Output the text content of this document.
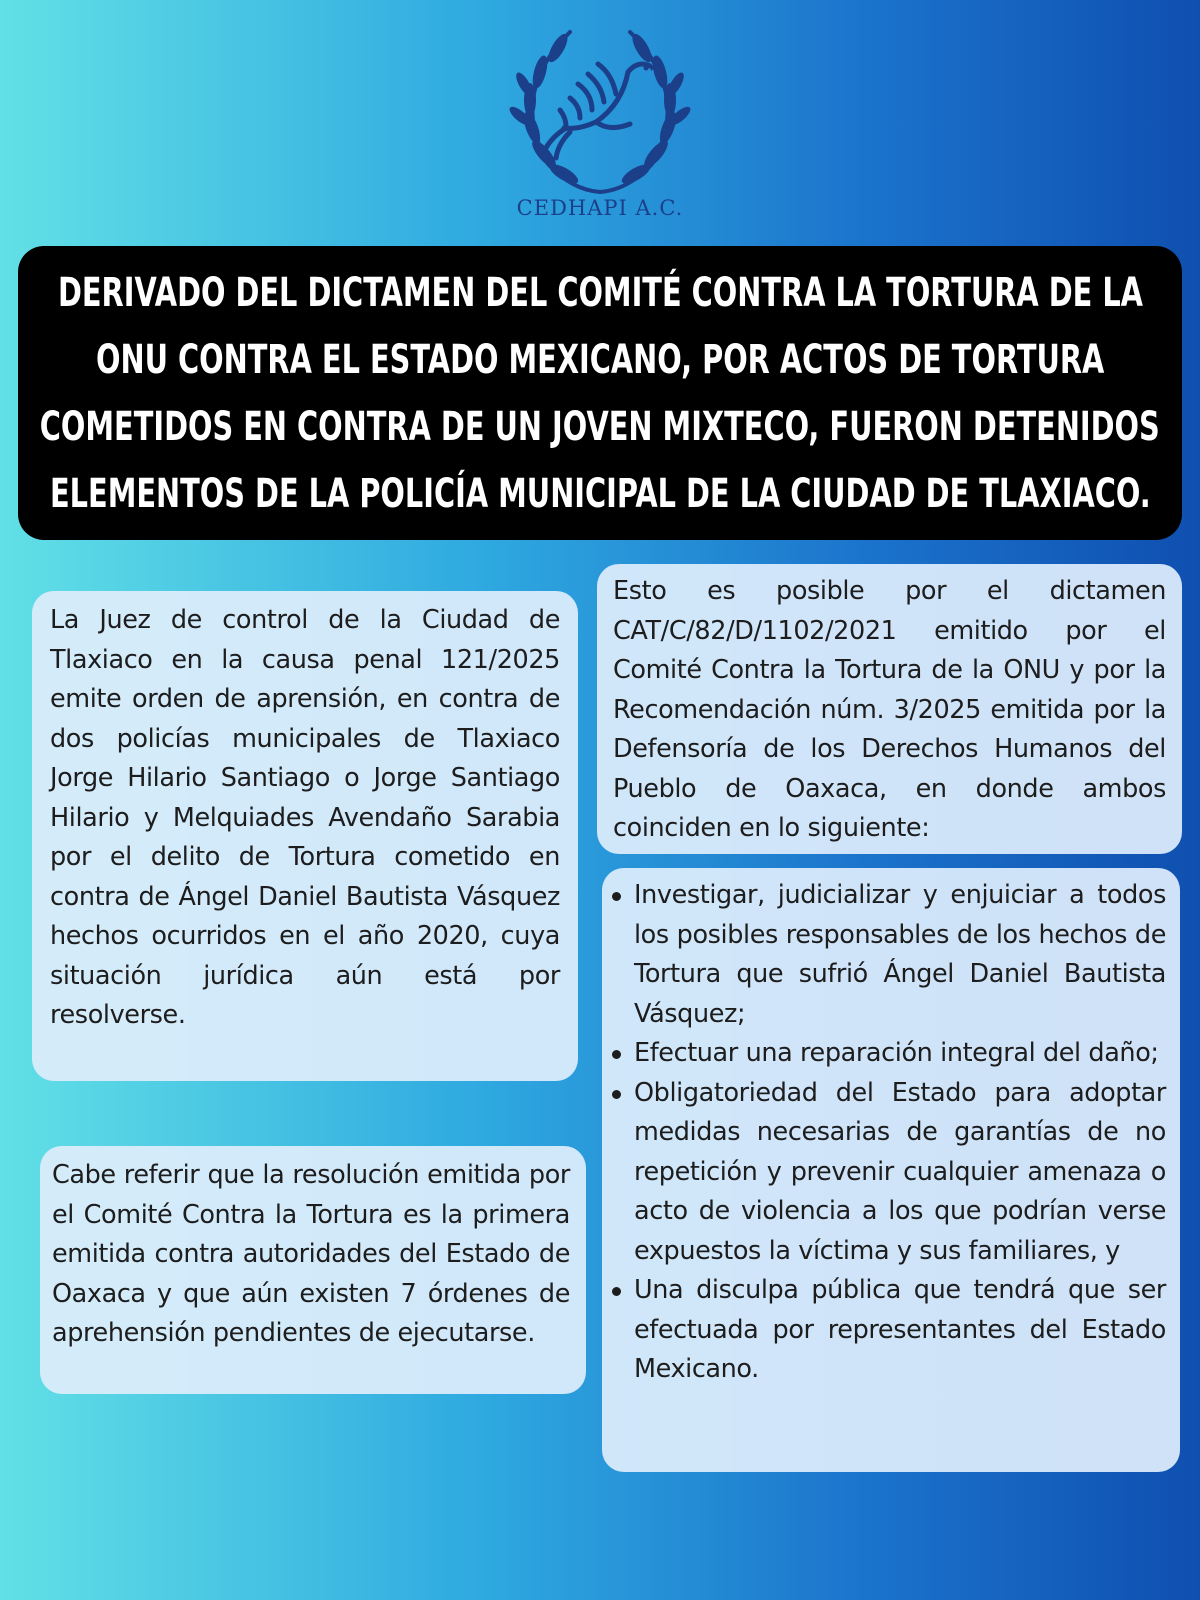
CEDHAPI A.C.
DERIVADO DEL DICTAMEN DEL COMITÉ CONTRA LA TORTURA DE LA
ONU CONTRA EL ESTADO MEXICANO, POR ACTOS DE TORTURA
COMETIDOS EN CONTRA DE UN JOVEN MIXTECO, FUERON DETENIDOS
ELEMENTOS DE LA POLICÍA MUNICIPAL DE LA CIUDAD DE TLAXIACO.

La Juez de control de la Ciudad de Tlaxiaco en la causa penal 121/2025 emite orden de aprensión, en contra de dos policías municipales de Tlaxiaco Jorge Hilario Santiago o Jorge Santiago Hilario y Melquiades Avendaño Sarabia por el delito de Tortura cometido en contra de Ángel Daniel Bautista Vásquez hechos ocurridos en el año 2020, cuya situación jurídica aún está por resolverse.

Cabe referir que la resolución emitida por el Comité Contra la Tortura es la primera emitida contra autoridades del Estado de Oaxaca y que aún existen 7 órdenes de aprehensión pendientes de ejecutarse.

Esto es posible por el dictamen CAT/C/82/D/1102/2021 emitido por el Comité Contra la Tortura de la ONU y por la Recomendación núm. 3/2025 emitida por la Defensoría de los Derechos Humanos del Pueblo de Oaxaca, en donde ambos coinciden en lo siguiente:

Investigar, judicializar y enjuiciar a todos los posibles responsables de los hechos de Tortura que sufrió Ángel Daniel Bautista Vásquez;
Efectuar una reparación integral del daño;
Obligatoriedad del Estado para adoptar medidas necesarias de garantías de no repetición y prevenir cualquier amenaza o acto de violencia a los que podrían verse expuestos la víctima y sus familiares, y
Una disculpa pública que tendrá que ser efectuada por representantes del Estado Mexicano.
